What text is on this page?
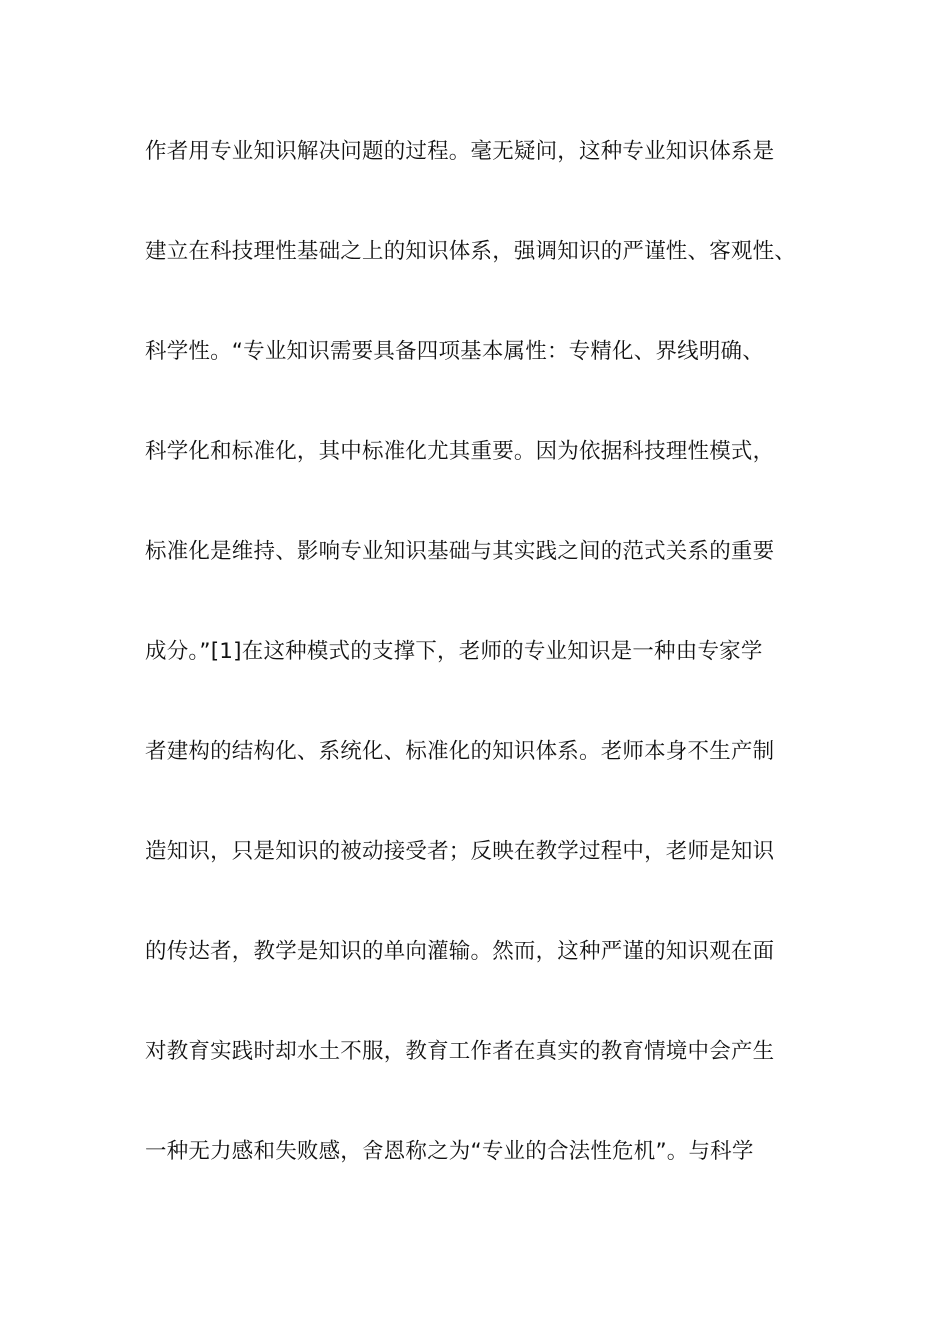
作者用专业知识解决问题的过程。毫无疑问，这种专业知识体系是
建立在科技理性基础之上的知识体系，强调知识的严谨性、客观性、
科学性。“专业知识需要具备四项基本属性：专精化、界线明确、
科学化和标准化，其中标准化尤其重要。因为依据科技理性模式，
标准化是维持、影响专业知识基础与其实践之间的范式关系的重要
成分。”[1]在这种模式的支撑下，老师的专业知识是一种由专家学
者建构的结构化、系统化、标准化的知识体系。老师本身不生产制
造知识，只是知识的被动接受者；反映在教学过程中，老师是知识
的传达者，教学是知识的单向灌输。然而，这种严谨的知识观在面
对教育实践时却水土不服，教育工作者在真实的教育情境中会产生
一种无力感和失败感，舍恩称之为“专业的合法性危机”。与科学
